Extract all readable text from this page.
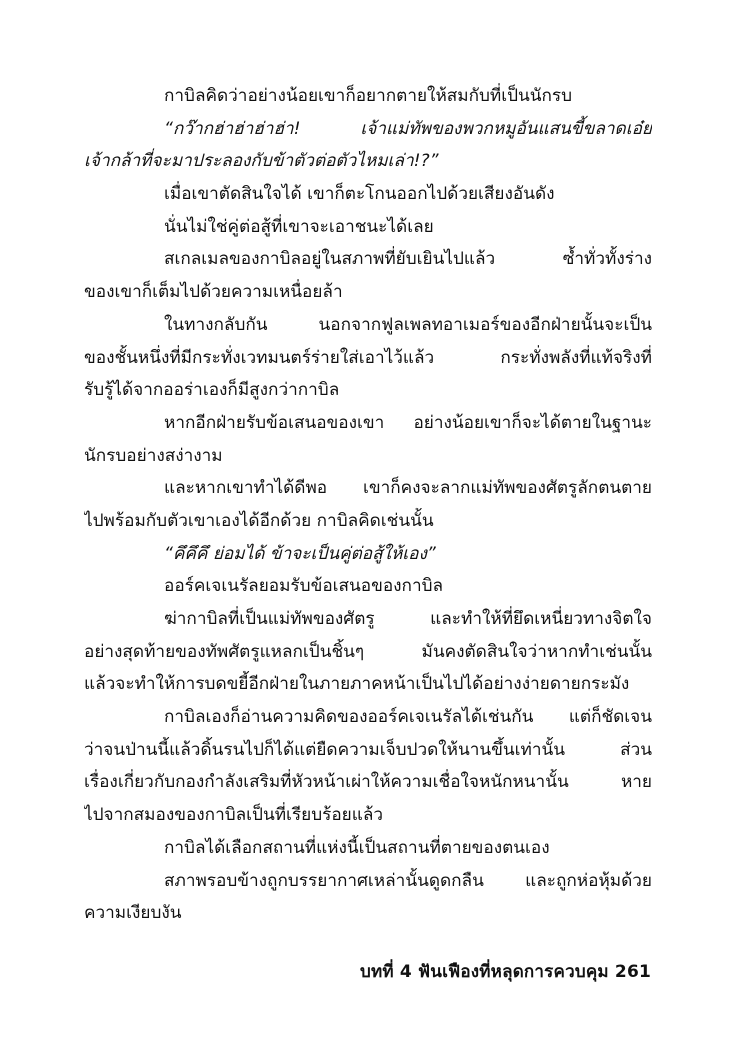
กาบิลคิดว่าอย่างน้อยเขาก็อยากตายให้สมกับที่เป็นนักรบ
“กว๊ากฮ่าฮ่าฮ่าฮ่า! เจ้าแม่ทัพของพวกหมูอันแสนขี้ขลาดเอ๋ย
เจ้ากล้าที่จะมาประลองกับข้าตัวต่อตัวไหมเล่า!?”
เมื่อเขาตัดสินใจได้ เขาก็ตะโกนออกไปด้วยเสียงอันดัง
นั่นไม่ใช่คู่ต่อสู้ที่เขาจะเอาชนะได้เลย
สเกลเมลของกาบิลอยู่ในสภาพที่ยับเยินไปแล้ว ซ้ำทั่วทั้งร่าง
ของเขาก็เต็มไปด้วยความเหนื่อยล้า
ในทางกลับกัน นอกจากฟูลเพลทอาเมอร์ของอีกฝ่ายนั้นจะเป็น
ของชั้นหนึ่งที่มีกระทั่งเวทมนตร์ร่ายใส่เอาไว้แล้ว กระทั่งพลังที่แท้จริงที่
รับรู้ได้จากออร่าเองก็มีสูงกว่ากาบิล
หากอีกฝ่ายรับข้อเสนอของเขา อย่างน้อยเขาก็จะได้ตายในฐานะ
นักรบอย่างสง่างาม
และหากเขาทำได้ดีพอ เขาก็คงจะลากแม่ทัพของศัตรูลักตนตาย
ไปพร้อมกับตัวเขาเองได้อีกด้วย กาบิลคิดเช่นนั้น
“คึคึคึ ย่อมได้ ข้าจะเป็นคู่ต่อสู้ให้เอง”
ออร์คเจเนรัลยอมรับข้อเสนอของกาบิล
ฆ่ากาบิลที่เป็นแม่ทัพของศัตรู และทำให้ที่ยึดเหนี่ยวทางจิตใจ
อย่างสุดท้ายของทัพศัตรูแหลกเป็นชิ้นๆ มันคงตัดสินใจว่าหากทำเช่นนั้น
แล้วจะทำให้การบดขยี้อีกฝ่ายในภายภาคหน้าเป็นไปได้อย่างง่ายดายกระมัง
กาบิลเองก็อ่านความคิดของออร์คเจเนรัลได้เช่นกัน แต่ก็ชัดเจน
ว่าจนป่านนี้แล้วดิ้นรนไปก็ได้แต่ยืดความเจ็บปวดให้นานขึ้นเท่านั้น ส่วน
เรื่องเกี่ยวกับกองกำลังเสริมที่หัวหน้าเผ่าให้ความเชื่อใจหนักหนานั้น หาย
ไปจากสมองของกาบิลเป็นที่เรียบร้อยแล้ว
กาบิลได้เลือกสถานที่แห่งนี้เป็นสถานที่ตายของตนเอง
สภาพรอบข้างถูกบรรยากาศเหล่านั้นดูดกลืน และถูกห่อหุ้มด้วย
ความเงียบงัน
บทที่ 4 ฟันเฟืองที่หลุดการควบคุม 261
